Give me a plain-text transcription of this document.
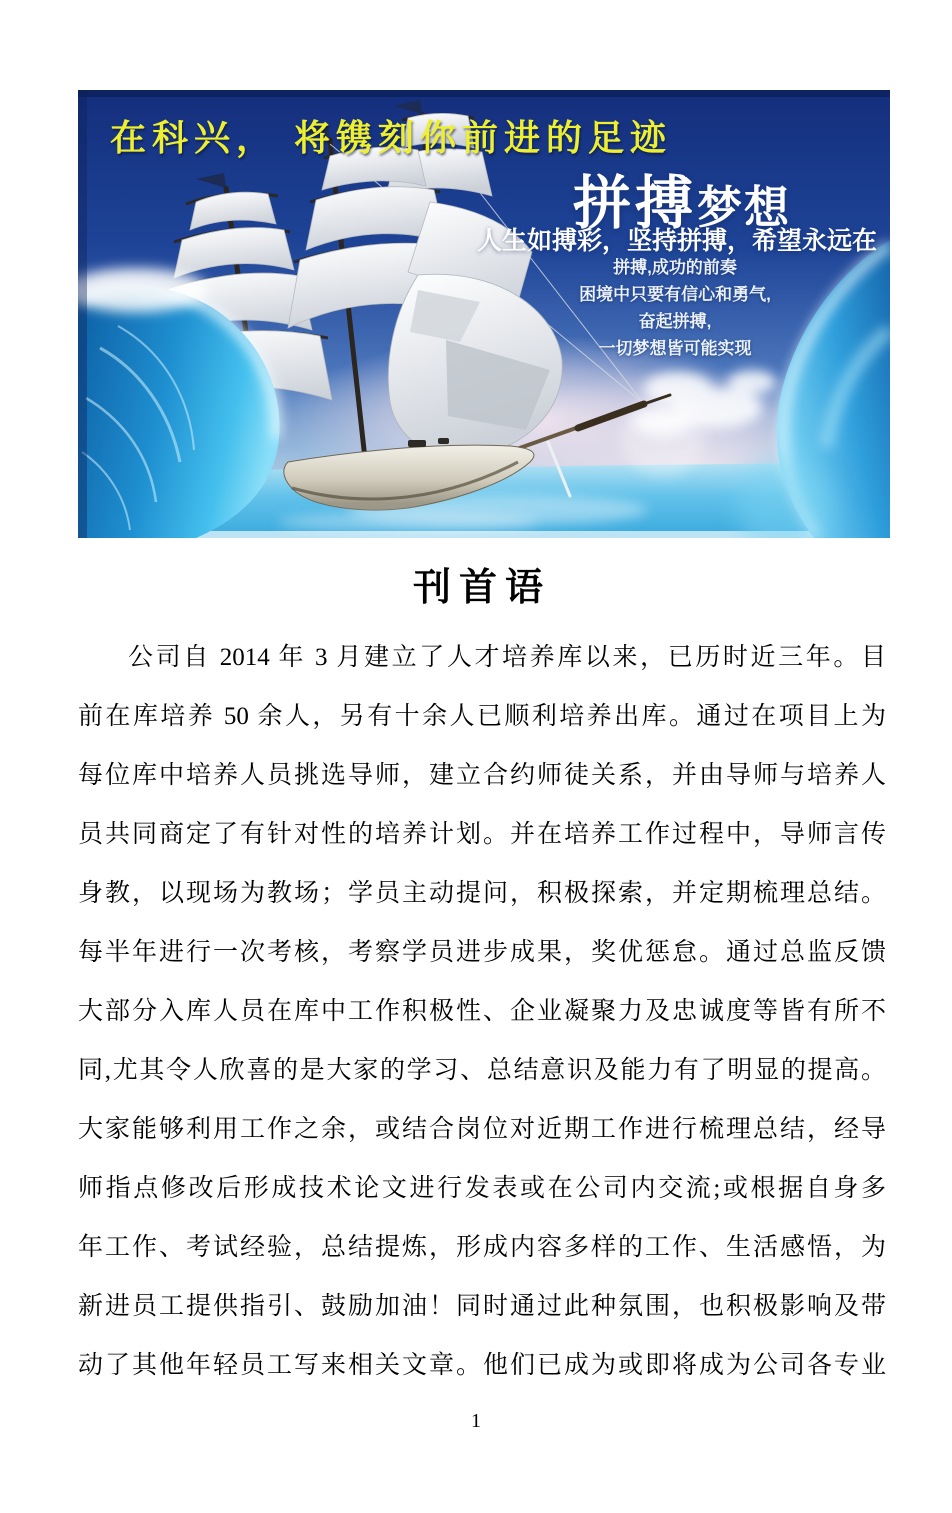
在科兴， 将镌刻你前进的足迹
拼搏梦想
人生如搏彩，坚持拼搏，希望永远在
拼搏,成功的前奏
困境中只要有信心和勇气,
奋起拼搏,
一切梦想皆可能实现
刊首语
公司自 2014 年 3 月建立了人才培养库以来，已历时近三年。目
前在库培养 50 余人，另有十余人已顺利培养出库。通过在项目上为
每位库中培养人员挑选导师，建立合约师徒关系，并由导师与培养人
员共同商定了有针对性的培养计划。并在培养工作过程中，导师言传
身教，以现场为教场；学员主动提问，积极探索，并定期梳理总结。
每半年进行一次考核，考察学员进步成果，奖优惩怠。通过总监反馈
大部分入库人员在库中工作积极性、企业凝聚力及忠诚度等皆有所不
同,尤其令人欣喜的是大家的学习、总结意识及能力有了明显的提高。
大家能够利用工作之余，或结合岗位对近期工作进行梳理总结，经导
师指点修改后形成技术论文进行发表或在公司内交流;或根据自身多
年工作、考试经验，总结提炼，形成内容多样的工作、生活感悟，为
新进员工提供指引、鼓励加油！同时通过此种氛围，也积极影响及带
动了其他年轻员工写来相关文章。他们已成为或即将成为公司各专业
1
